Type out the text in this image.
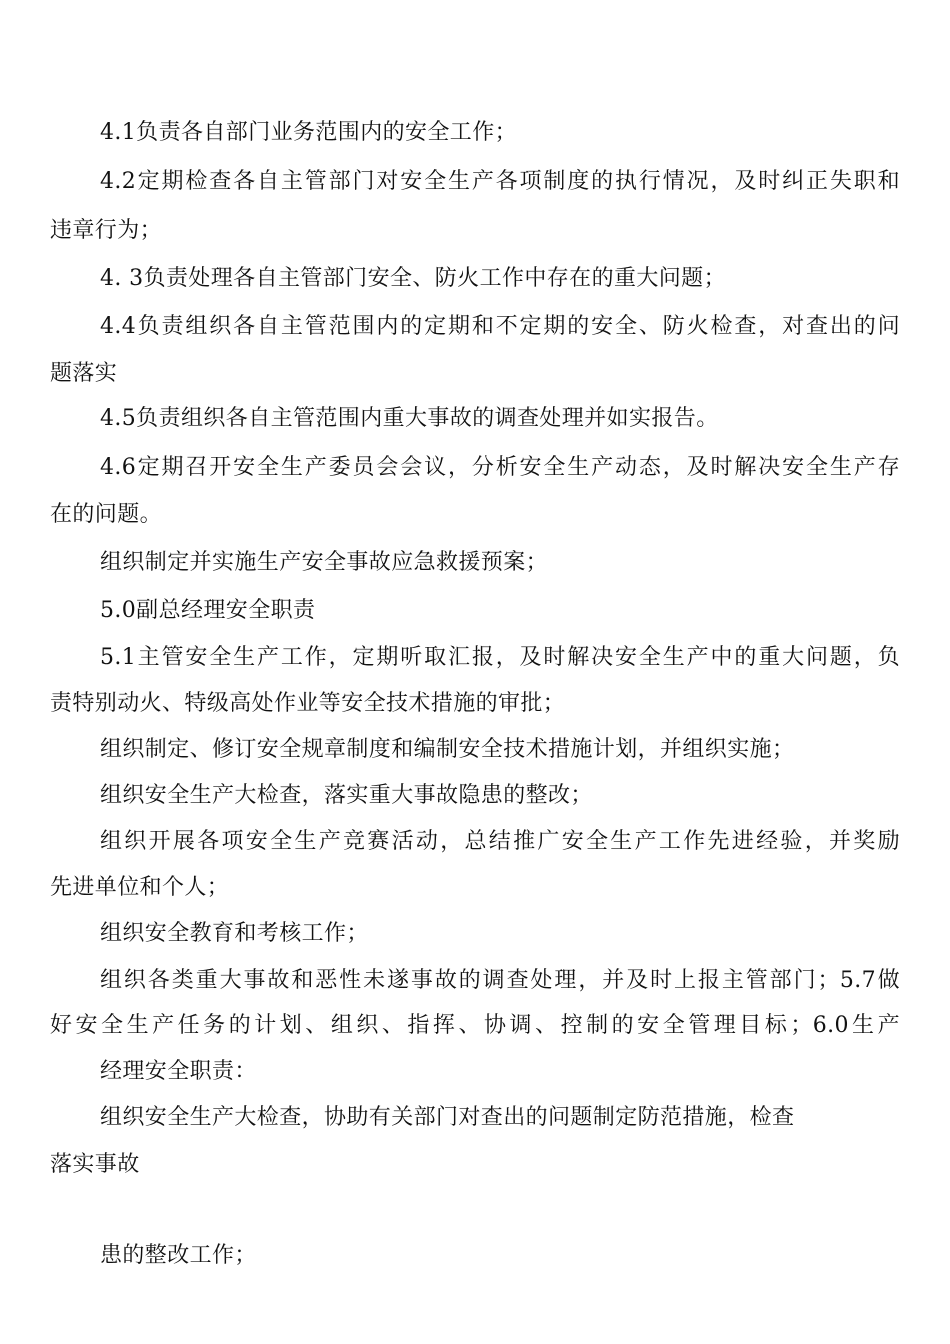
4.1负责各自部门业务范围内的安全工作；
4.2定期检查各自主管部门对安全生产各项制度的执行情况，及时纠正失职和
违章行为；
4. 3负责处理各自主管部门安全、防火工作中存在的重大问题；
4.4负责组织各自主管范围内的定期和不定期的安全、防火检查，对查出的问
题落实
4.5负责组织各自主管范围内重大事故的调查处理并如实报告。
4.6定期召开安全生产委员会会议，分析安全生产动态，及时解决安全生产存
在的问题。
组织制定并实施生产安全事故应急救援预案；
5.0副总经理安全职责
5.1主管安全生产工作，定期听取汇报，及时解决安全生产中的重大问题，负
责特别动火、特级高处作业等安全技术措施的审批；
组织制定、修订安全规章制度和编制安全技术措施计划，并组织实施；
组织安全生产大检查，落实重大事故隐患的整改；
组织开展各项安全生产竞赛活动，总结推广安全生产工作先进经验，并奖励
先进单位和个人；
组织安全教育和考核工作；
组织各类重大事故和恶性未遂事故的调查处理，并及时上报主管部门；5.7做
好安全生产任务的计划、组织、指挥、协调、控制的安全管理目标；6.0生产
经理安全职责：
组织安全生产大检查，协助有关部门对查出的问题制定防范措施，检查
落实事故
患的整改工作；
